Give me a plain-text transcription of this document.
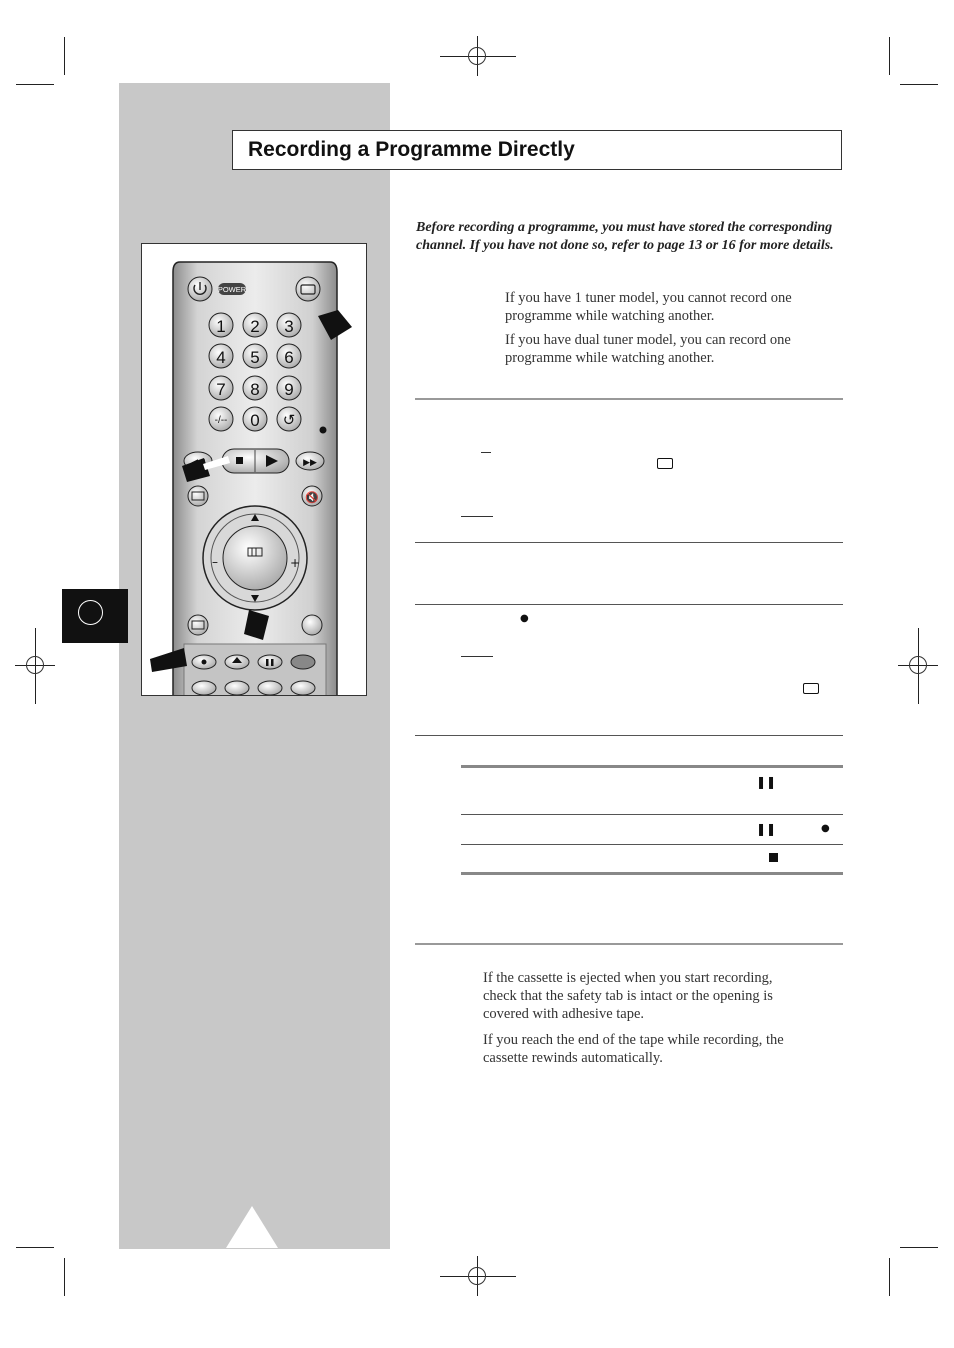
Recording a Programme Directly
Before recording a programme, you must have stored the corresponding channel. If you have not done so, refer to page 13 or 16 for more details.
If you have 1 tuner model, you cannot record one programme while watching another.
If you have dual tuner model, you can record one programme while watching another.
●
❚❚
❚❚	●
If the cassette is ejected when you start recording, check that the safety tab is intact or the opening is covered with adhesive tape.
If you reach the end of the tape while recording, the cassette rewinds automatically.
POWER
1 2 3
4 5 6
7 8 9
-/-- 0 ↺
▶▶
🔇
–	+
